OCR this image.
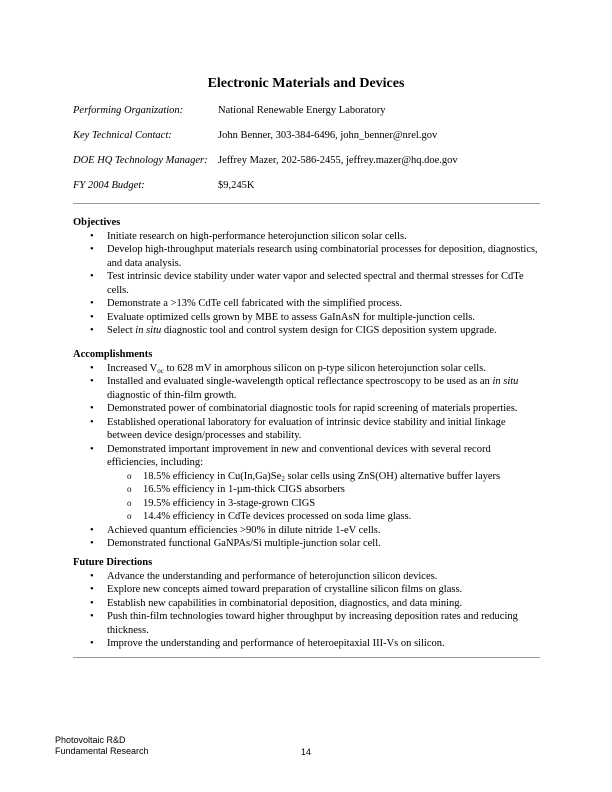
Electronic Materials and Devices
Performing Organization:	National Renewable Energy Laboratory
Key Technical Contact:	John Benner, 303-384-6496, john_benner@nrel.gov
DOE HQ Technology Manager: Jeffrey Mazer, 202-586-2455, jeffrey.mazer@hq.doe.gov
FY 2004 Budget:	$9,245K
Objectives
• Initiate research on high-performance heterojunction silicon solar cells.
• Develop high-throughput materials research using combinatorial processes for deposition, diagnostics, and data analysis.
• Test intrinsic device stability under water vapor and selected spectral and thermal stresses for CdTe cells.
• Demonstrate a >13% CdTe cell fabricated with the simplified process.
• Evaluate optimized cells grown by MBE to assess GaInAsN for multiple-junction cells.
• Select in situ diagnostic tool and control system design for CIGS deposition system upgrade.
Accomplishments
• Increased $V_{oc}$ to 628 mV in amorphous silicon on p-type silicon heterojunction solar cells.
• Installed and evaluated single-wavelength optical reflectance spectroscopy to be used as an in situ diagnostic of thin-film growth.
• Demonstrated power of combinatorial diagnostic tools for rapid screening of materials properties.
• Established operational laboratory for evaluation of intrinsic device stability and initial linkage between device design/processes and stability.
• Demonstrated important improvement in new and conventional devices with several record efficiencies, including:
o 18.5% efficiency in $Cu(In,Ga)Se_2$ solar cells using ZnS(OH) alternative buffer layers
o 16.5% efficiency in 1-µm-thick CIGS absorbers
o 19.5% efficiency in 3-stage-grown CIGS
o 14.4% efficiency in CdTe devices processed on soda lime glass.
• Achieved quantum efficiencies >90% in dilute nitride 1-eV cells.
• Demonstrated functional GaNPAs/Si multiple-junction solar cell.
Future Directions
• Advance the understanding and performance of heterojunction silicon devices.
• Explore new concepts aimed toward preparation of crystalline silicon films on glass.
• Establish new capabilities in combinatorial deposition, diagnostics, and data mining.
• Push thin-film technologies toward higher throughput by increasing deposition rates and reducing thickness.
• Improve the understanding and performance of heteroepitaxial III-Vs on silicon.
Photovoltaic R&D
Fundamental Research	14
